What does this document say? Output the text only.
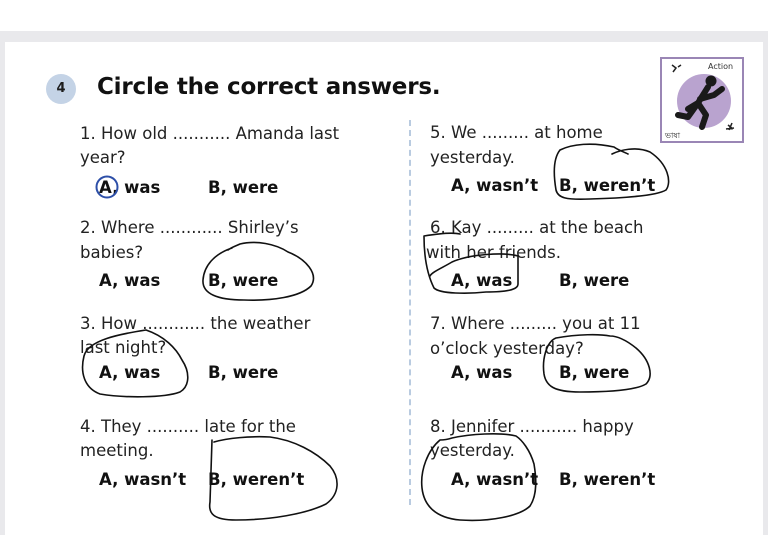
4	Circle the correct answers.
Action
ভাষা
1. How old ........... Amanda last
year?
A, was	B, were
2. Where ............ Shirley’s
babies?
A, was	B, were
3. How ............ the weather
last night?
A, was	B, were
4. They .......... late for the
meeting.
A, wasn’t B, weren’t
5. We ......... at home
yesterday.
A, wasn’t B, weren’t
6. Kay ......... at the beach
with her friends.
A, was	B, were
7. Where ......... you at 11
o’clock yesterday?
A, was	B, were
8. Jennifer ........... happy
yesterday.
A, wasn’t B, weren’t
